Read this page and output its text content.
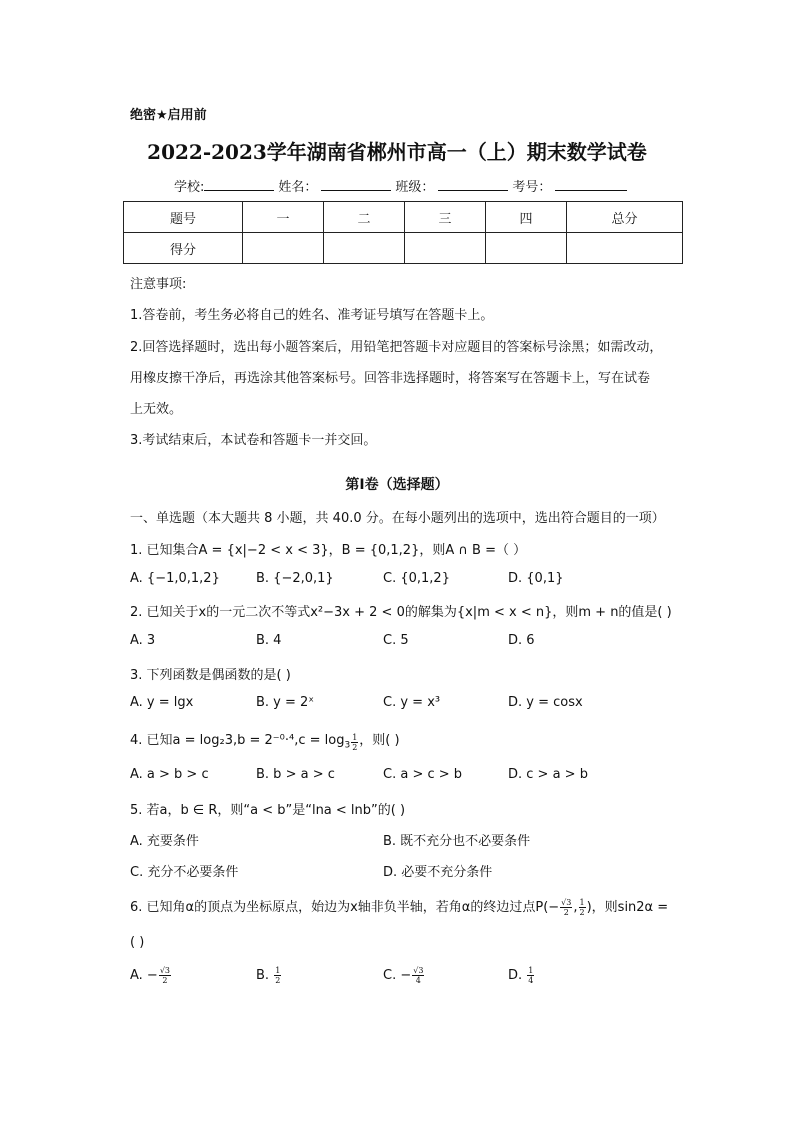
绝密★启用前
2022-2023学年湖南省郴州市高一（上）期末数学试卷
学校:	姓名：	班级：	考号：
题号	一	二	三	四	总分
得分					
注意事项:
1.答卷前，考生务必将自己的姓名、准考证号填写在答题卡上。
2.回答选择题时，选出每小题答案后，用铅笔把答题卡对应题目的答案标号涂黑；如需改动，
用橡皮擦干净后，再选涂其他答案标号。回答非选择题时，将答案写在答题卡上，写在试卷
上无效。
3.考试结束后，本试卷和答题卡一并交回。
第Ⅰ卷（选择题）
一、单选题（本大题共 8 小题，共 40.0 分。在每小题列出的选项中，选出符合题目的一项）
1. 已知集合A = {x|−2 < x < 3}，B = {0,1,2}，则A ∩ B =（ ）
A. {−1,0,1,2}	B. {−2,0,1}	C. {0,1,2}	D. {0,1}
2. 已知关于x的一元二次不等式x²−3x + 2 < 0的解集为{x|m < x < n}，则m + n的值是( )
A. 3	B. 4	C. 5	D. 6
3. 下列函数是偶函数的是( )
A. y = lgx	B. y = 2ˣ	C. y = x³	D. y = cosx
4. 已知$a = \log_23,b = 2^{-0}\cdot^4,c = \log_3 \frac{1}{2}$ ，则( )
A. a > b > c	B. b > a > c	C. a > c > b	D. c > a > b
5. 若a，b ∈ R，则“a < b”是“lna < lnb”的( )
A. 充要条件	B. 既不充分也不必要条件
C. 充分不必要条件	D. 必要不充分条件
6. 已知角α的顶点为坐标原点，始边为x轴非负半轴，若角α的终边过点$P(- \frac{√3}{2}$ , $\frac{1}{2}$ )，则sin2α =
( )
A. − $\frac{√3}{2}$	B. $\frac{1}{2}$	C. − $\frac{√3}{4}$	D. $\frac{1}{4}$
